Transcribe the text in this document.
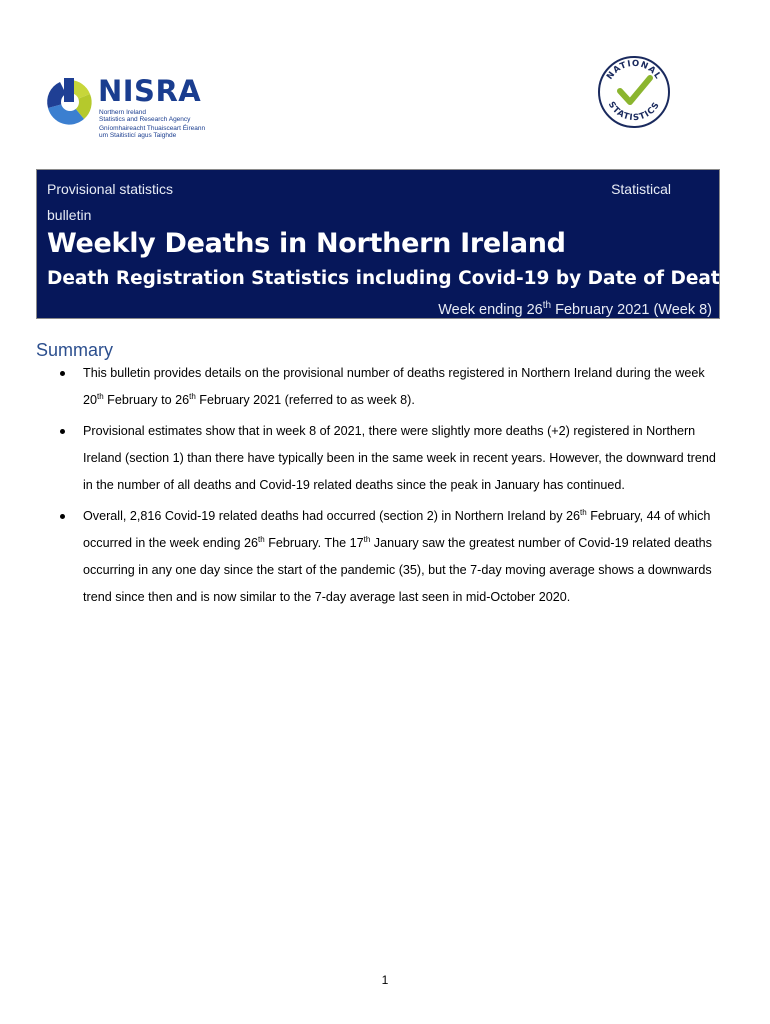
NISRA
Northern Ireland
Statistics and Research Agency
Gníomhaireacht Thuaisceart Éireann
um Staitisticí agus Taighde
NATIONAL
STATISTICS
Provisional statistics	Statistical
bulletin
Weekly Deaths in Northern Ireland
Death Registration Statistics including Covid-19 by Date of Death
Week ending 26th February 2021 (Week 8)
Summary
This bulletin provides details on the provisional number of deaths registered in Northern Ireland during the week 20th February to 26th February 2021 (referred to as week 8).
Provisional estimates show that in week 8 of 2021, there were slightly more deaths (+2) registered in Northern Ireland (section 1) than there have typically been in the same week in recent years. However, the downward trend in the number of all deaths and Covid-19 related deaths since the peak in January has continued.
Overall, 2,816 Covid-19 related deaths had occurred (section 2) in Northern Ireland by 26th February, 44 of which occurred in the week ending 26th February. The 17th January saw the greatest number of Covid-19 related deaths occurring in any one day since the start of the pandemic (35), but the 7-day moving average shows a downwards trend since then and is now similar to the 7-day average last seen in mid-October 2020.
1
